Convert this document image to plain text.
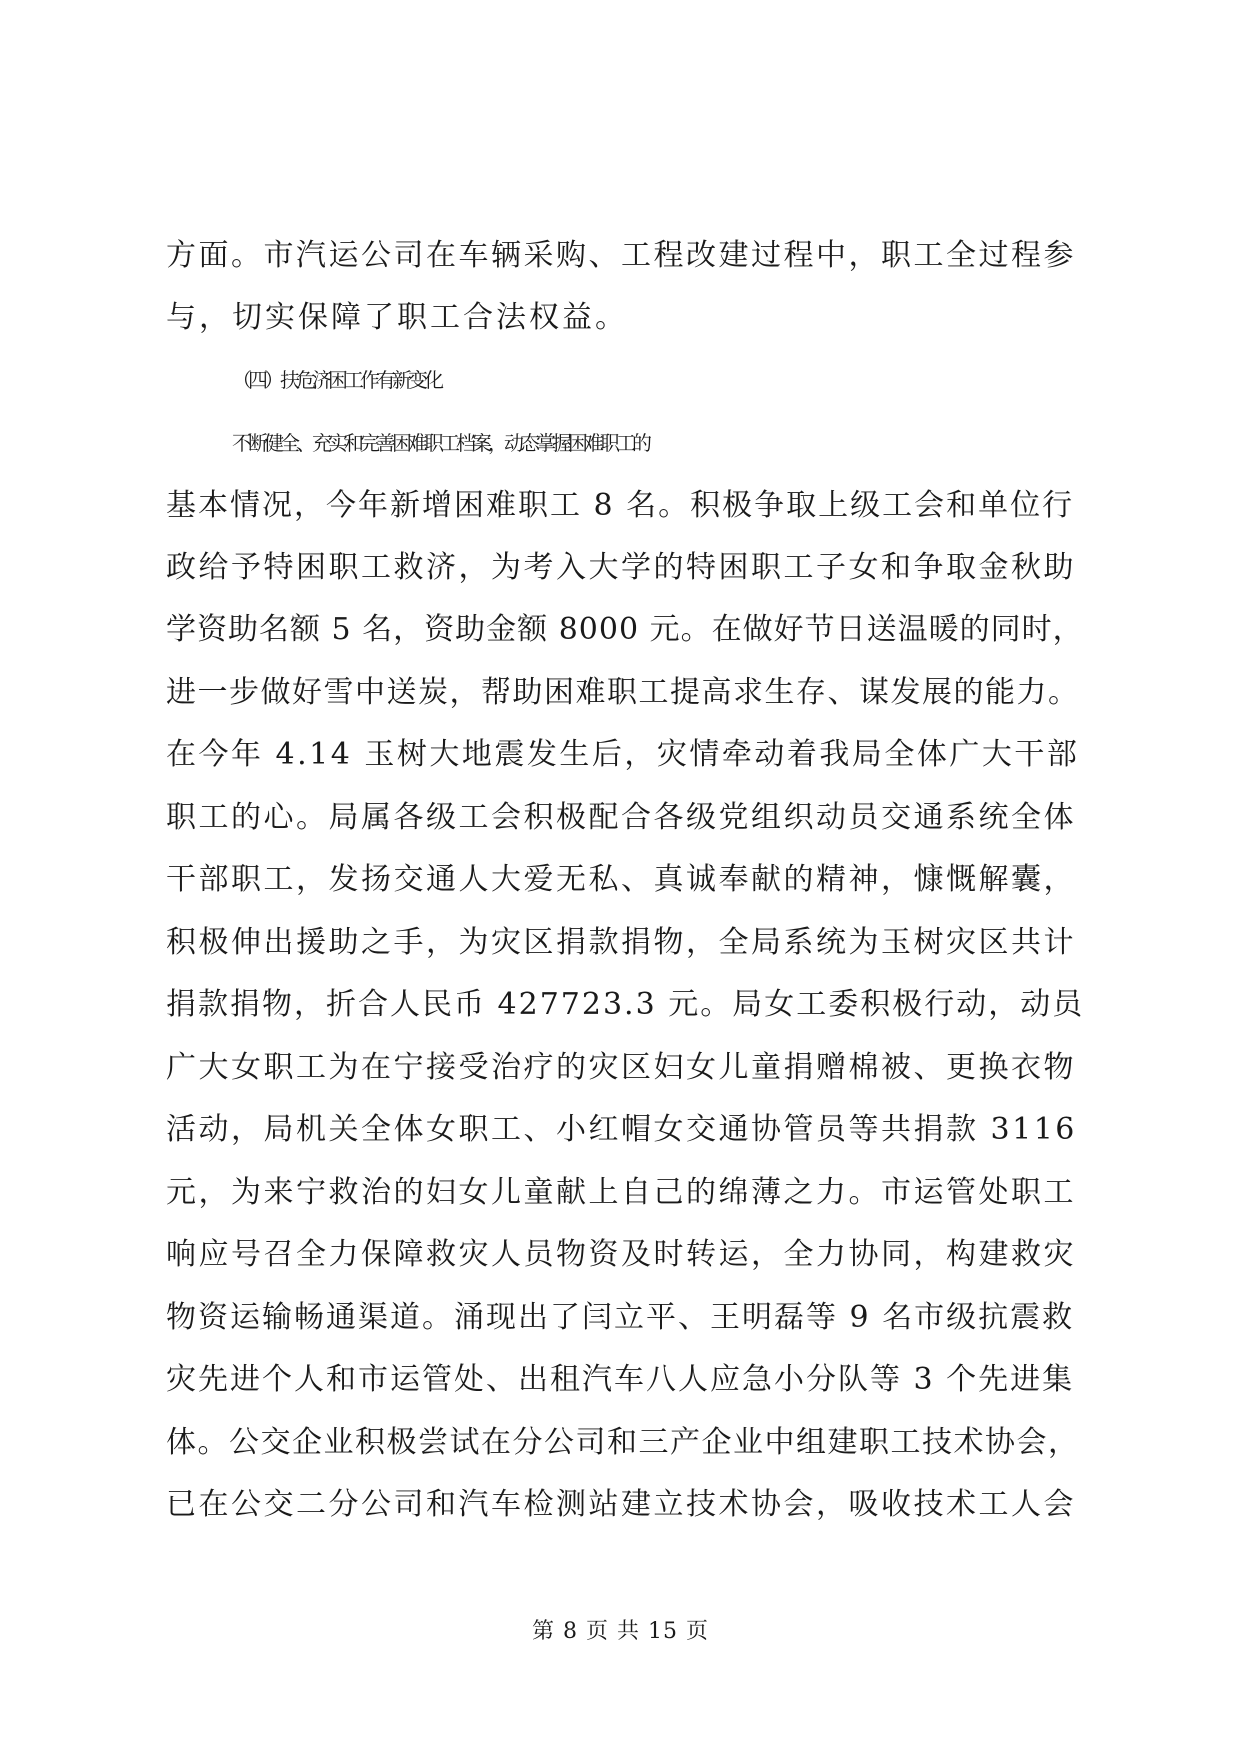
方面。市汽运公司在车辆采购、工程改建过程中，职工全过程参
与，切实保障了职工合法权益。
（四）扶危济困工作有新变化
不断健全、充实和完善困难职工档案，动态掌握困难职工的
基本情况，今年新增困难职工 8 名。积极争取上级工会和单位行
政给予特困职工救济，为考入大学的特困职工子女和争取金秋助
学资助名额 5 名，资助金额 8000 元。在做好节日送温暖的同时，
进一步做好雪中送炭，帮助困难职工提高求生存、谋发展的能力。
在今年 4.14 玉树大地震发生后，灾情牵动着我局全体广大干部
职工的心。局属各级工会积极配合各级党组织动员交通系统全体
干部职工，发扬交通人大爱无私、真诚奉献的精神，慷慨解囊，
积极伸出援助之手，为灾区捐款捐物，全局系统为玉树灾区共计
捐款捐物，折合人民币 427723.3 元。局女工委积极行动，动员
广大女职工为在宁接受治疗的灾区妇女儿童捐赠棉被、更换衣物
活动，局机关全体女职工、小红帽女交通协管员等共捐款 3116
元，为来宁救治的妇女儿童献上自己的绵薄之力。市运管处职工
响应号召全力保障救灾人员物资及时转运，全力协同，构建救灾
物资运输畅通渠道。涌现出了闫立平、王明磊等 9 名市级抗震救
灾先进个人和市运管处、出租汽车八人应急小分队等 3 个先进集
体。公交企业积极尝试在分公司和三产企业中组建职工技术协会，
已在公交二分公司和汽车检测站建立技术协会，吸收技术工人会
第 8 页 共 15 页
